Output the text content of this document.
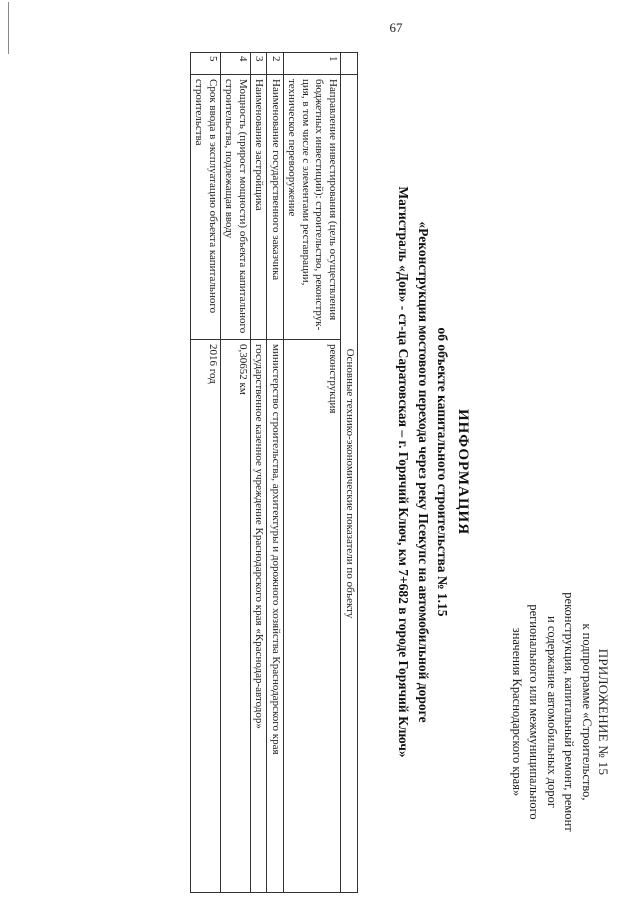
67
ПРИЛОЖЕНИЕ № 15
к подпрограмме «Строительство,
реконструкция, капитальный ремонт, ремонт
и содержание автомобильных дорог
регионального или межмуниципального
значения Краснодарского края»
ИНФОРМАЦИЯ
об объекте капитального строительства № 1.15
«Реконструкция мостового перехода через реку Псекупс на автомобильной дороге
Магистраль «Дон» - ст-ца Саратовская – г. Горячий Ключ, км 7+682 в городе Горячий Ключ»
	Основные технико-экономические показатели по объекту	
1	Направление инвестирования (цель осуществления бюджетных инвестиций): строительство, реконструк-ция, в том числе с элементами реставрации, техническое перевооружение	реконструкция
2	Наименование государственного заказчика	министерство строительства, архитектуры и дорожного хозяйства Краснодарского края
3	Наименование застройщика	государственное казенное учреждение Краснодарского края «Краснодар-автодор»
4	Мощность (прирост мощности) объекта капитального строительства, подлежащая вводу	0,30652 км
5	Срок ввода в эксплуатацию объекта капитального строительства	2016 год
